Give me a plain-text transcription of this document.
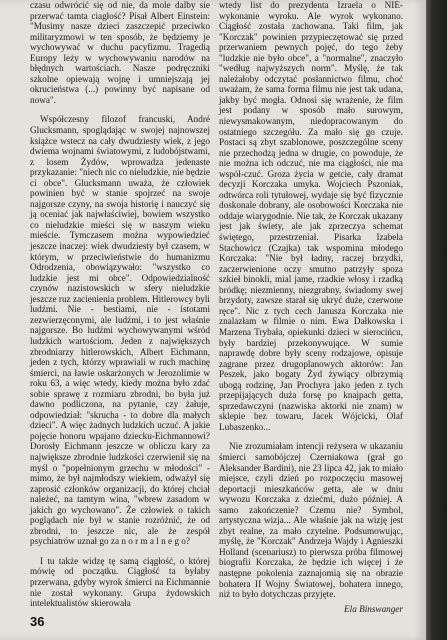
czasu odwrócić się od nie, da mole dalby sie przerwać tamta ciagłość? Pisał Albert Einstein: "Musimy nasze dzieci zaszczepić przeciwko militaryzmowi w ten sposób, że będziemy je wychowywać w duchu pacyfizmu. Tragedią Europy leży w wychowywaniu narodów na błędnych wartościach. Nasze podręczniki szkolne opiewają wojnę i umniejszają jej okrucieństwa (...) powinny być napisane od nowa".

Współczesny filozof francuski, André Glucksmann, spoglądając w swojej najnowszej książce wstecz na cały dwudziesty wiek, z jego dwiema wojnami światowymi, z ludobójstwami, z losem Żydów, wprowadza jedenaste przykazanie: "niech nic co nieludzkie, nie będzie ci obce". Glucksmann uważa, że człowiek powinien być w stanie spojrzeć na swoje najgorsze czyny, na swoja historię i nauczyć się ją oceniać jak najwłaściwiej, bowiem wszystko co nieludzkie mieści się w naszym wieku mieście. Tymczasem można wypowiedzieć jeszcze inaczej: wiek dwudziesty był czasem, w którym, w przeciwieństwie do humanizmu Odrodzenia, obowiązywało: "wszystko co ludzkie jest mi obce". Odpowiedzialność czynów nazistowskich w sfery nieludzkie jeszcze ruz zacienienia problem. Hitlerowcy byli ludźmi. Nie - bestiami, nie - istotami zezwierzęconymi, ale ludźmi, i to jest właśnie najgorsze. Bo ludźmi wychowywanymi wśród ludzkich wartościom. Jeden z największych zbrodniarzy hitlerowskich, Albert Eichmann, jeden z tych, którzy wprawiali w ruch machinę śmierci, na ławie oskarżonych w Jerozolimie w roku 63, a więc wtedy, kiedy można było zdać sobie sprawę z rozmiaru zbrodni, bo była już dawno podliczona, na pytanie, czy żałuje, odpowiedział: "skrucha - to dobre dla małych dzieci". A więc żadnych ludzkich uczuć. A jakie pojęcie honoru wpajano dziecku-Eichmannowi? Dorosły Eichmann jeszcze w obliczu kary za największe zbrodnie ludzkości czerwienił się na myśl o "popełnionym grzechu w młodości" - mimo, że był najmłodszy wiekiem, odważył się zaprosić członków organizacji, do której chciał należeć, na tamtym wina, "wbrew zasadom w jakich go wychowano". Że człowiek o takich poglądach nie był w stanie rozróżnić, że od zbrodni, to jeszcze nic, ale że zespół psychiatrów uznał go za n o r m a l n e g o?

I tu także widzę tę samą ciągłość, o której mówię od początku. Ciągłość ta byłaby przerwana, gdyby wyrok śmierci na Eichmannie nie został wykonany. Grupa żydowskich intelektualistów skierowała

wtedy list do prezydenta Izraela o NIE-wykonanie wyroku. Ale wyrok wykonano. Ciągłość została zachowana. Taki film, jak "Korczak" powinien przypieczętować się przed przerwaniem pewnych pojęć, do tego żeby "ludzkie nie było obce", a "normalne", znaczyło "według najwyższych norm". Myślę, że tak należałoby odczytać posłannictwo filmu, choć uważam, że sama forma filmu nie jest tak udana, jakby być mogła. Odnosi się wrażenie, że film jest podany w sposób mało surowym, niewysmakowanym, niedopracowanym do ostatniego szczegółu. Za mało się go czuje. Postaci są zbyt szablonowe, poszczególne sceny nie przechodzą jedna w drugie, co powoduje, że nie można ich odczuć, nie ma ciągłości, nie ma współ-czuć. Groza życia w getcie, cały dramat decyzji Korczaka umyka. Wojciech Pszoniak, odtwórca roli tytułowej, wydaje się być fizycznie doskonale dobrany, ale osobowości Korczaka nie oddaje wiarygodnie. Nie tak, że Korczak ukazany jest jak świety, ale jak zprzeczya schemat świętego, przestrzeniał. Pisarka Izabela Stachowicz (Czajka) tak wspomina młodego Korczaka: "Nie był ładny, raczej brzydki, zaczerwienione oczy smutno patrzyły spoza szkieł binokli, mial jame, rzadkie włosy i rzadką bródkę; niezmienny, niezgrabny, świadomy swej brzydoty, zawsze starał się ukryć duże, czerwone ręce". Nic z tych cech Janusza Korczaka nie znalazłam w filmie o nim. Ewa Dałkowska i Marzena Trybała, opiekunki dzieci w sierocińcu, były bardziej przekonywujące. W sumie naprawdę dobre były sceny rodzajowe, opisuje zagrane przez drugoplanowych aktorów: Jan Peszek, jako bogaty Żyd żywiący olbrzymią ubogą rodzinę, Jan Prochyra jako jeden z tych przepijających duża forsę po knajpach getta, sprzedawczyni (nazwiska aktorki nie znam) w sklepie bez towaru, Jacek Wójcicki, Olaf Lubaszenko...

Nie zrozumiałam intencji reżysera w ukazaniu śmierci samobójczej Czerniakowa (grał go Aleksander Bardini), nie 23 lipca 42, jak to miało miejsce, czyli dzień po rozpoczęciu masowej deportacji mieszkańców getta, ale w dniu wywozu Korczaka z dziećmi, dużo później. A samo zakończenie? Czemu nie? Symbol, artystyczna wizja... Ale właśnie jak na wizję jest zbyt realne, za mało czytelne. Podsumowując, myślę, że "Korczak" Andrzeja Wajdy i Agnieszki Holland (scenariusz) to pierwsza próba filmowej biografii Korczaka, że będzie ich więcej i że następne pokolenia zaznajomią się na obrazie bohatera II Wojny Światowej, bohatera innego, niż to było dotychczas przyjęte.

Ela Binswanger
36
